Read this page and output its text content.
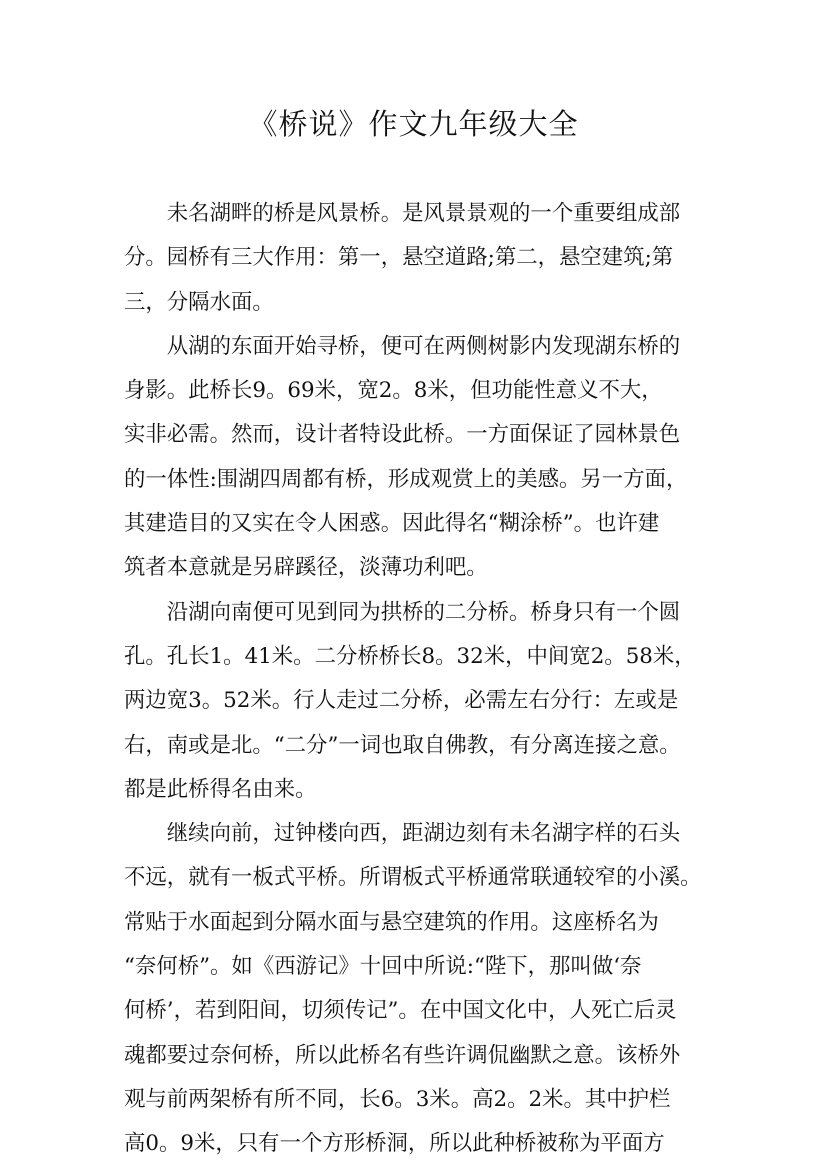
《桥说》作文九年级大全
　　未名湖畔的桥是风景桥。是风景景观的一个重要组成部
分。园桥有三大作用：第一，悬空道路;第二，悬空建筑;第
三，分隔水面。
　　从湖的东面开始寻桥，便可在两侧树影内发现湖东桥的
身影。此桥长9。69米，宽2。8米，但功能性意义不大，
实非必需。然而，设计者特设此桥。一方面保证了园林景色
的一体性:围湖四周都有桥，形成观赏上的美感。另一方面，
其建造目的又实在令人困惑。因此得名“糊涂桥”。也许建
筑者本意就是另辟蹊径，淡薄功利吧。
　　沿湖向南便可见到同为拱桥的二分桥。桥身只有一个圆
孔。孔长1。41米。二分桥桥长8。32米，中间宽2。58米，
两边宽3。52米。行人走过二分桥，必需左右分行：左或是
右，南或是北。“二分”一词也取自佛教，有分离连接之意。
都是此桥得名由来。
　　继续向前，过钟楼向西，距湖边刻有未名湖字样的石头
不远，就有一板式平桥。所谓板式平桥通常联通较窄的小溪。
常贴于水面起到分隔水面与悬空建筑的作用。这座桥名为
“奈何桥”。如《西游记》十回中所说:“陛下，那叫做‘奈
何桥’，若到阳间，切须传记”。在中国文化中，人死亡后灵
魂都要过奈何桥，所以此桥名有些许调侃幽默之意。该桥外
观与前两架桥有所不同，长6。3米。高2。2米。其中护栏
高0。9米，只有一个方形桥洞，所以此种桥被称为平面方
